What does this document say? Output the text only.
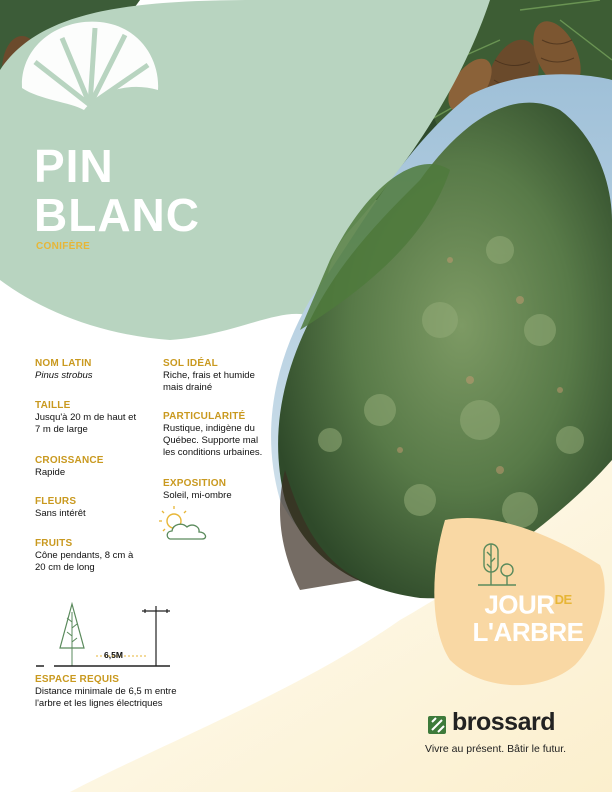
PIN
BLANC
CONIFÈRE
NOM LATIN
Pinus strobus
TAILLE
Jusqu'à 20 m de haut et 7 m de large
CROISSANCE
Rapide
FLEURS
Sans intérêt
FRUITS
Cône pendants, 8 cm à 20 cm de long
SOL IDÉAL
Riche, frais et humide mais drainé
PARTICULARITÉ
Rustique, indigène du Québec. Supporte mal les conditions urbaines.
EXPOSITION
Soleil, mi-ombre
6,5M
ESPACE REQUIS
Distance minimale de 6,5 m entre l'arbre et les lignes électriques
$JOUR^{DE}$
L'ARBRE
brossard
Vivre au présent. Bâtir le futur.
